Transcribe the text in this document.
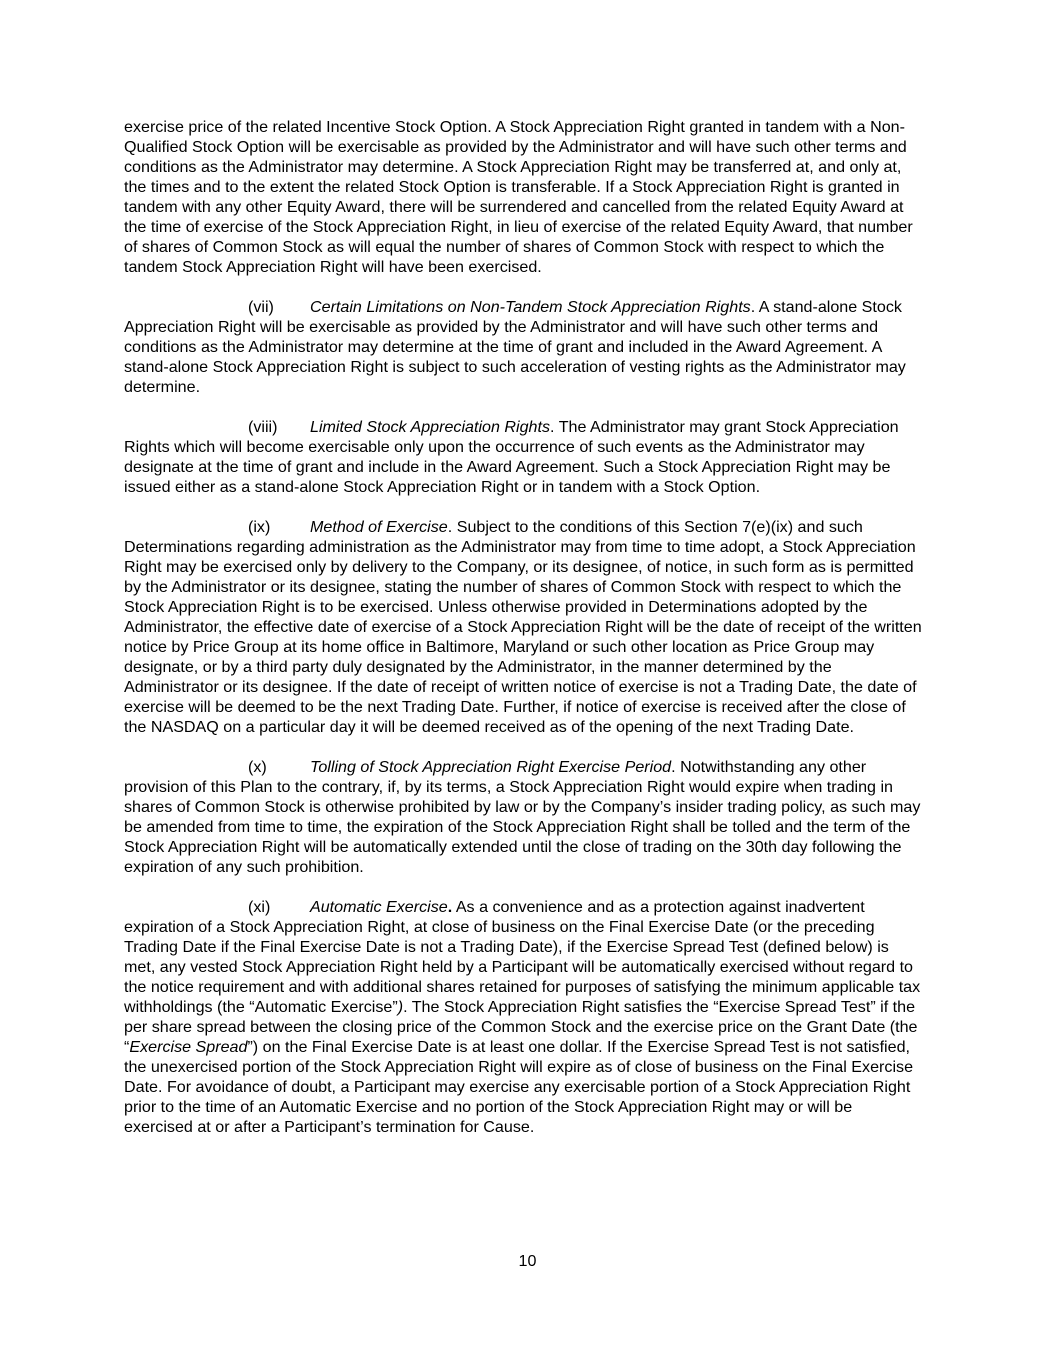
exercise price of the related Incentive Stock Option. A Stock Appreciation Right granted in tandem with a Non-Qualified Stock Option will be exercisable as provided by the Administrator and will have such other terms and conditions as the Administrator may determine. A Stock Appreciation Right may be transferred at, and only at, the times and to the extent the related Stock Option is transferable. If a Stock Appreciation Right is granted in tandem with any other Equity Award, there will be surrendered and cancelled from the related Equity Award at the time of exercise of the Stock Appreciation Right, in lieu of exercise of the related Equity Award, that number of shares of Common Stock as will equal the number of shares of Common Stock with respect to which the tandem Stock Appreciation Right will have been exercised.

(vii) Certain Limitations on Non-Tandem Stock Appreciation Rights. A stand-alone Stock Appreciation Right will be exercisable as provided by the Administrator and will have such other terms and conditions as the Administrator may determine at the time of grant and included in the Award Agreement. A stand-alone Stock Appreciation Right is subject to such acceleration of vesting rights as the Administrator may determine.

(viii) Limited Stock Appreciation Rights. The Administrator may grant Stock Appreciation Rights which will become exercisable only upon the occurrence of such events as the Administrator may designate at the time of grant and include in the Award Agreement. Such a Stock Appreciation Right may be issued either as a stand-alone Stock Appreciation Right or in tandem with a Stock Option.

(ix) Method of Exercise. Subject to the conditions of this Section 7(e)(ix) and such Determinations regarding administration as the Administrator may from time to time adopt, a Stock Appreciation Right may be exercised only by delivery to the Company, or its designee, of notice, in such form as is permitted by the Administrator or its designee, stating the number of shares of Common Stock with respect to which the Stock Appreciation Right is to be exercised. Unless otherwise provided in Determinations adopted by the Administrator, the effective date of exercise of a Stock Appreciation Right will be the date of receipt of the written notice by Price Group at its home office in Baltimore, Maryland or such other location as Price Group may designate, or by a third party duly designated by the Administrator, in the manner determined by the Administrator or its designee. If the date of receipt of written notice of exercise is not a Trading Date, the date of exercise will be deemed to be the next Trading Date. Further, if notice of exercise is received after the close of the NASDAQ on a particular day it will be deemed received as of the opening of the next Trading Date.

(x)	Tolling of Stock Appreciation Right Exercise Period. Notwithstanding any other provision of this Plan to the contrary, if, by its terms, a Stock Appreciation Right would expire when trading in shares of Common Stock is otherwise prohibited by law or by the Company’s insider trading policy, as such may be amended from time to time, the expiration of the Stock Appreciation Right shall be tolled and the term of the Stock Appreciation Right will be automatically extended until the close of trading on the 30th day following the expiration of any such prohibition.

(xi) Automatic Exercise. As a convenience and as a protection against inadvertent expiration of a Stock Appreciation Right, at close of business on the Final Exercise Date (or the preceding Trading Date if the Final Exercise Date is not a Trading Date), if the Exercise Spread Test (defined below) is met, any vested Stock Appreciation Right held by a Participant will be automatically exercised without regard to the notice requirement and with additional shares retained for purposes of satisfying the minimum applicable tax withholdings (the “Automatic Exercise”). The Stock Appreciation Right satisfies the “Exercise Spread Test” if the per share spread between the closing price of the Common Stock and the exercise price on the Grant Date (the “Exercise Spread”) on the Final Exercise Date is at least one dollar. If the Exercise Spread Test is not satisfied, the unexercised portion of the Stock Appreciation Right will expire as of close of business on the Final Exercise Date. For avoidance of doubt, a Participant may exercise any exercisable portion of a Stock Appreciation Right prior to the time of an Automatic Exercise and no portion of the Stock Appreciation Right may or will be exercised at or after a Participant’s termination for Cause.

10
